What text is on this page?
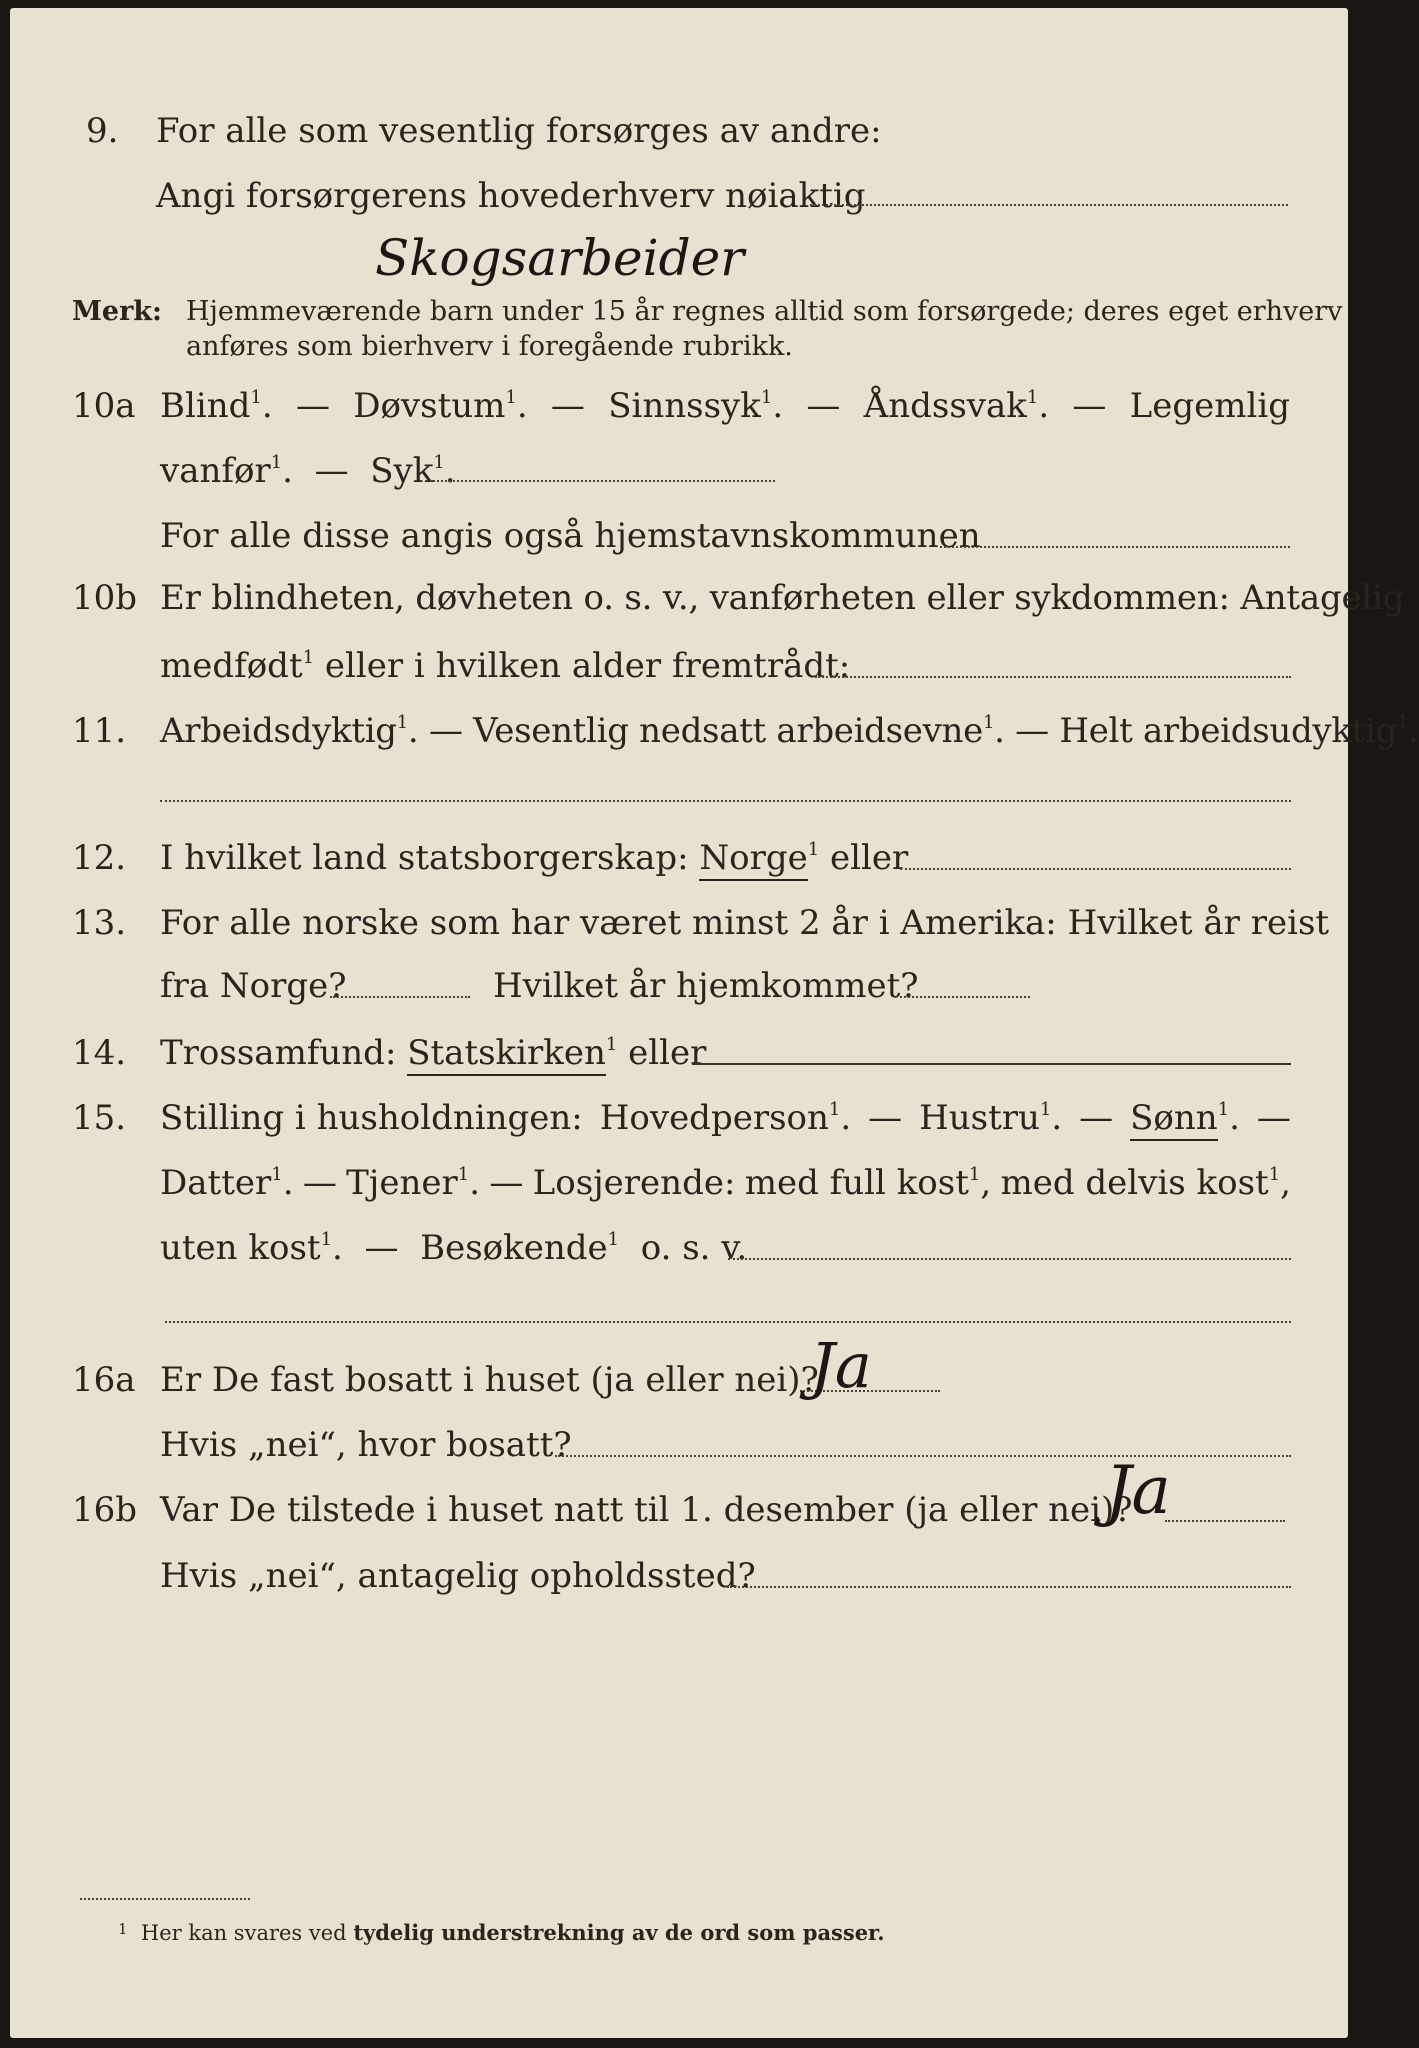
9. For alle som vesentlig forsørges av andre:
Angi forsørgerens hovederhverv nøiaktig
Skogsarbeider
Merk: Hjemmeværende barn under 15 år regnes alltid som forsørgede; deres eget erhverv
anføres som bierhverv i foregående rubrikk.
10a Blind$^1$. — Døvstum$^1$. — Sinnssyk$^1$. — Åndssvak$^1$. — Legemlig
vanfør$^1$.  — Syk$^1$.
For alle disse angis også hjemstavnskommunen
10b Er blindheten, døvheten o. s. v., vanførheten eller sykdommen: Antagelig
medfødt$^1$ eller i hvilken alder fremtrådt:
11. Arbeidsdyktig$^1$. — Vesentlig nedsatt arbeidsevne$^1$. — Helt arbeidsudyktig$^1$.
12. I hvilket land statsborgerskap: Norge$^1$ eller
13. For alle norske som har været minst 2 år i Amerika: Hvilket år reist
fra Norge?	Hvilket år hjemkommet?
14. Trossamfund: Statskirken$^1$ eller
15. Stilling i husholdningen: Hovedperson$^1$. — Hustru$^1$. — Sønn$^1$. —
Datter$^1$. — Tjener$^1$. — Losjerende: med full kost$^1$, med delvis kost$^1$,
uten kost$^1$.  — Besøkende$^1$ o. s. v.
16a Er De fast bosatt i huset (ja eller nei)?
Ja
Hvis „nei“, hvor bosatt?
16b Var De tilstede i huset natt til 1. desember (ja eller nei)?
Ja
Hvis „nei“, antagelig opholdssted?
$^1$ Her kan svares ved tydelig understrekning av de ord som passer.
